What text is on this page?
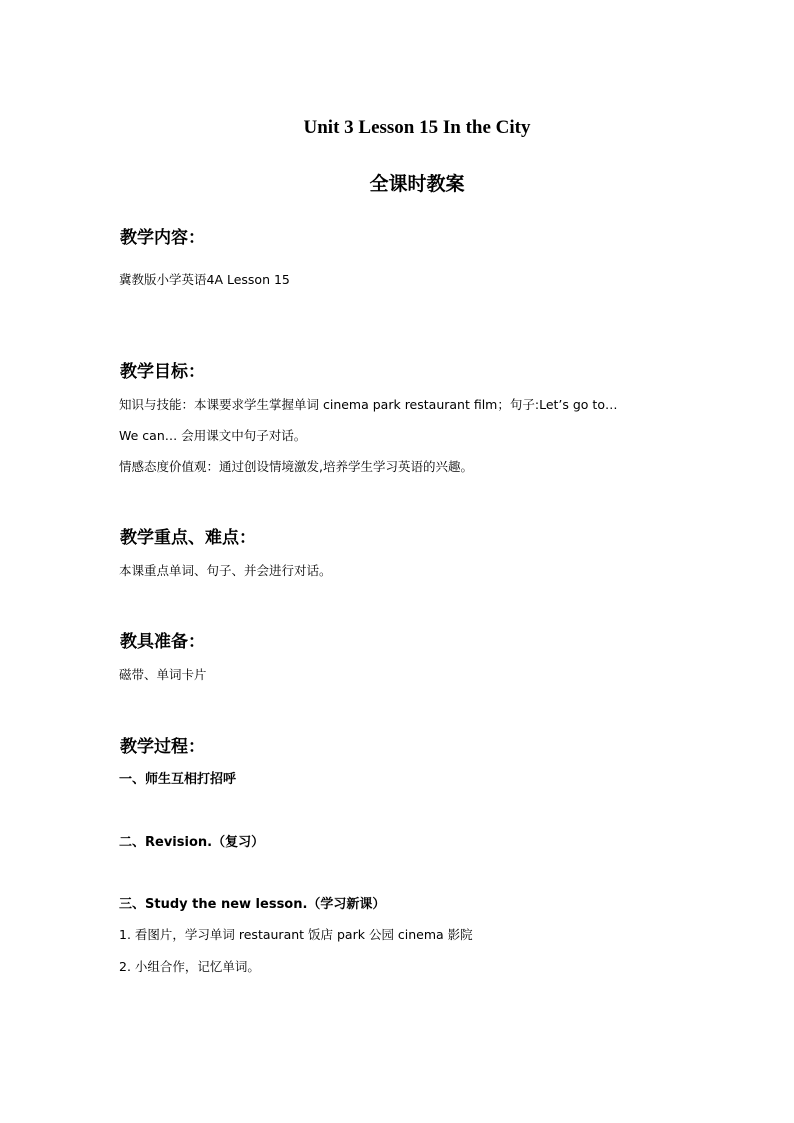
Unit 3 Lesson 15 In the City
全课时教案
教学内容：

冀教版小学英语4A Lesson 15

教学目标：

知识与技能：本课要求学生掌握单词 cinema park restaurant film；句子:Let’s go to…

We can… 会用课文中句子对话。

情感态度价值观：通过创设情境激发,培养学生学习英语的兴趣。

教学重点、难点：

本课重点单词、句子、并会进行对话。

教具准备：

磁带、单词卡片

教学过程：

一、师生互相打招呼

二、Revision.（复习）

三、Study the new lesson.（学习新课）

1. 看图片，学习单词 restaurant 饭店 park 公园 cinema 影院

2. 小组合作，记忆单词。
